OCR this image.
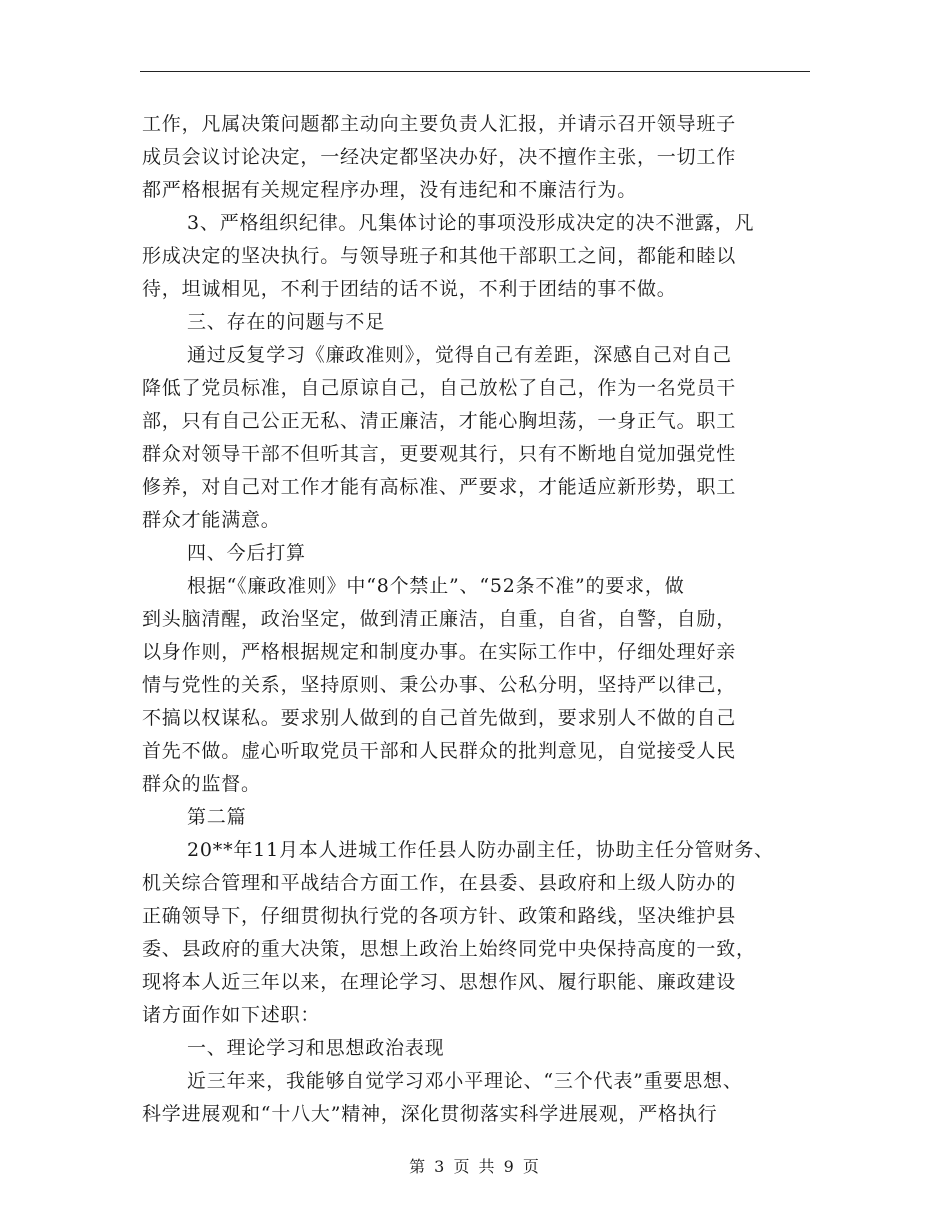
工作，凡属决策问题都主动向主要负责人汇报，并请示召开领导班子
成员会议讨论决定，一经决定都坚决办好，决不擅作主张，一切工作
都严格根据有关规定程序办理，没有违纪和不廉洁行为。
3、严格组织纪律。凡集体讨论的事项没形成决定的决不泄露，凡
形成决定的坚决执行。与领导班子和其他干部职工之间，都能和睦以
待，坦诚相见，不利于团结的话不说，不利于团结的事不做。
三、存在的问题与不足
通过反复学习《廉政准则》，觉得自己有差距，深感自己对自己
降低了党员标准，自己原谅自己，自己放松了自己，作为一名党员干
部，只有自己公正无私、清正廉洁，才能心胸坦荡，一身正气。职工
群众对领导干部不但听其言，更要观其行，只有不断地自觉加强党性
修养，对自己对工作才能有高标准、严要求，才能适应新形势，职工
群众才能满意。
四、今后打算
根据“《廉政准则》中“8个禁止”、“52条不准”的要求，做
到头脑清醒，政治坚定，做到清正廉洁，自重，自省，自警，自励，
以身作则，严格根据规定和制度办事。在实际工作中，仔细处理好亲
情与党性的关系，坚持原则、秉公办事、公私分明，坚持严以律己，
不搞以权谋私。要求别人做到的自己首先做到，要求别人不做的自己
首先不做。虚心听取党员干部和人民群众的批判意见，自觉接受人民
群众的监督。
第二篇
20**年11月本人进城工作任县人防办副主任，协助主任分管财务、
机关综合管理和平战结合方面工作，在县委、县政府和上级人防办的
正确领导下，仔细贯彻执行党的各项方针、政策和路线，坚决维护县
委、县政府的重大决策，思想上政治上始终同党中央保持高度的一致，
现将本人近三年以来，在理论学习、思想作风、履行职能、廉政建设
诸方面作如下述职：
一、理论学习和思想政治表现
近三年来，我能够自觉学习邓小平理论、“三个代表”重要思想、
科学进展观和“十八大”精神，深化贯彻落实科学进展观，严格执行
第 3 页 共 9 页
